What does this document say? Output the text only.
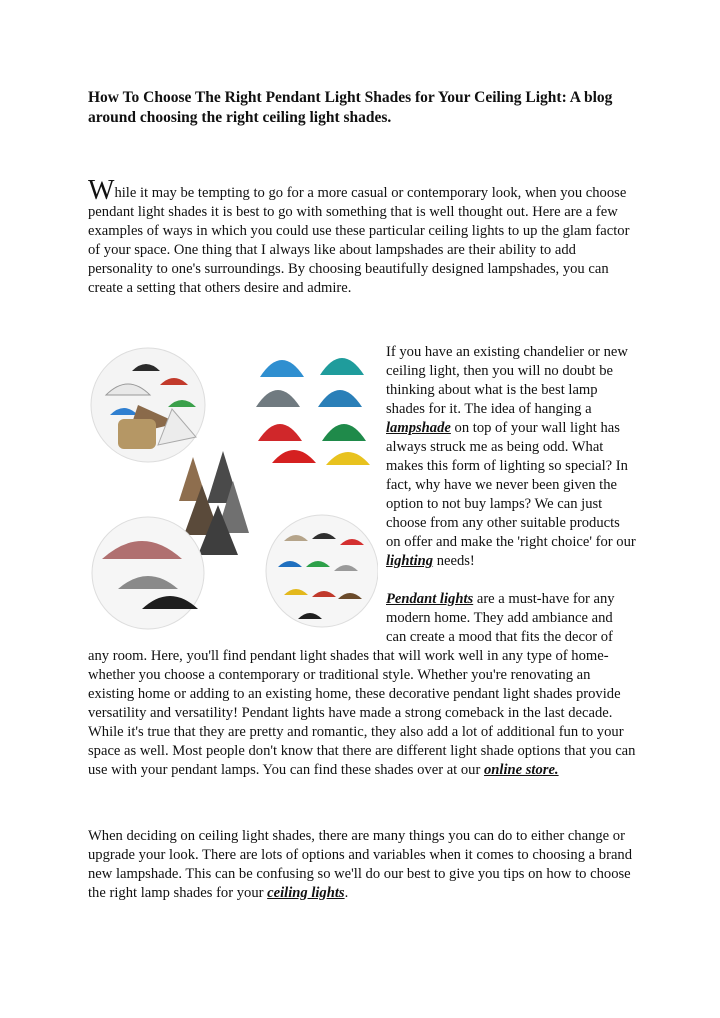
How To Choose The Right Pendant Light Shades for Your Ceiling Light: A blog around choosing the right ceiling light shades.

While it may be tempting to go for a more casual or contemporary look, when you choose pendant light shades it is best to go with something that is well thought out. Here are a few examples of ways in which you could use these particular ceiling lights to up the glam factor of your space. One thing that I always like about lampshades are their ability to add personality to one's surroundings. By choosing beautifully designed lampshades, you can create a setting that others desire and admire.

If you have an existing chandelier or new ceiling light, then you will no doubt be thinking about what is the best lamp shades for it. The idea of hanging a lampshade on top of your wall light has always struck me as being odd. What makes this form of lighting so special? In fact, why have we never been given the option to not buy lamps? We can just choose from any other suitable products on offer and make the 'right choice' for our lighting needs!

Pendant lights are a must-have for any modern home. They add ambiance and can create a mood that fits the decor of any room. Here, you'll find pendant light shades that will work well in any type of home-whether you choose a contemporary or traditional style. Whether you're renovating an existing home or adding to an existing home, these decorative pendant light shades provide versatility and versatility! Pendant lights have made a strong comeback in the last decade. While it's true that they are pretty and romantic, they also add a lot of additional fun to your space as well. Most people don't know that there are different light shade options that you can use with your pendant lamps. You can find these shades over at our online store.

When deciding on ceiling light shades, there are many things you can do to either change or upgrade your look. There are lots of options and variables when it comes to choosing a brand new lampshade. This can be confusing so we'll do our best to give you tips on how to choose the right lamp shades for your ceiling lights.
